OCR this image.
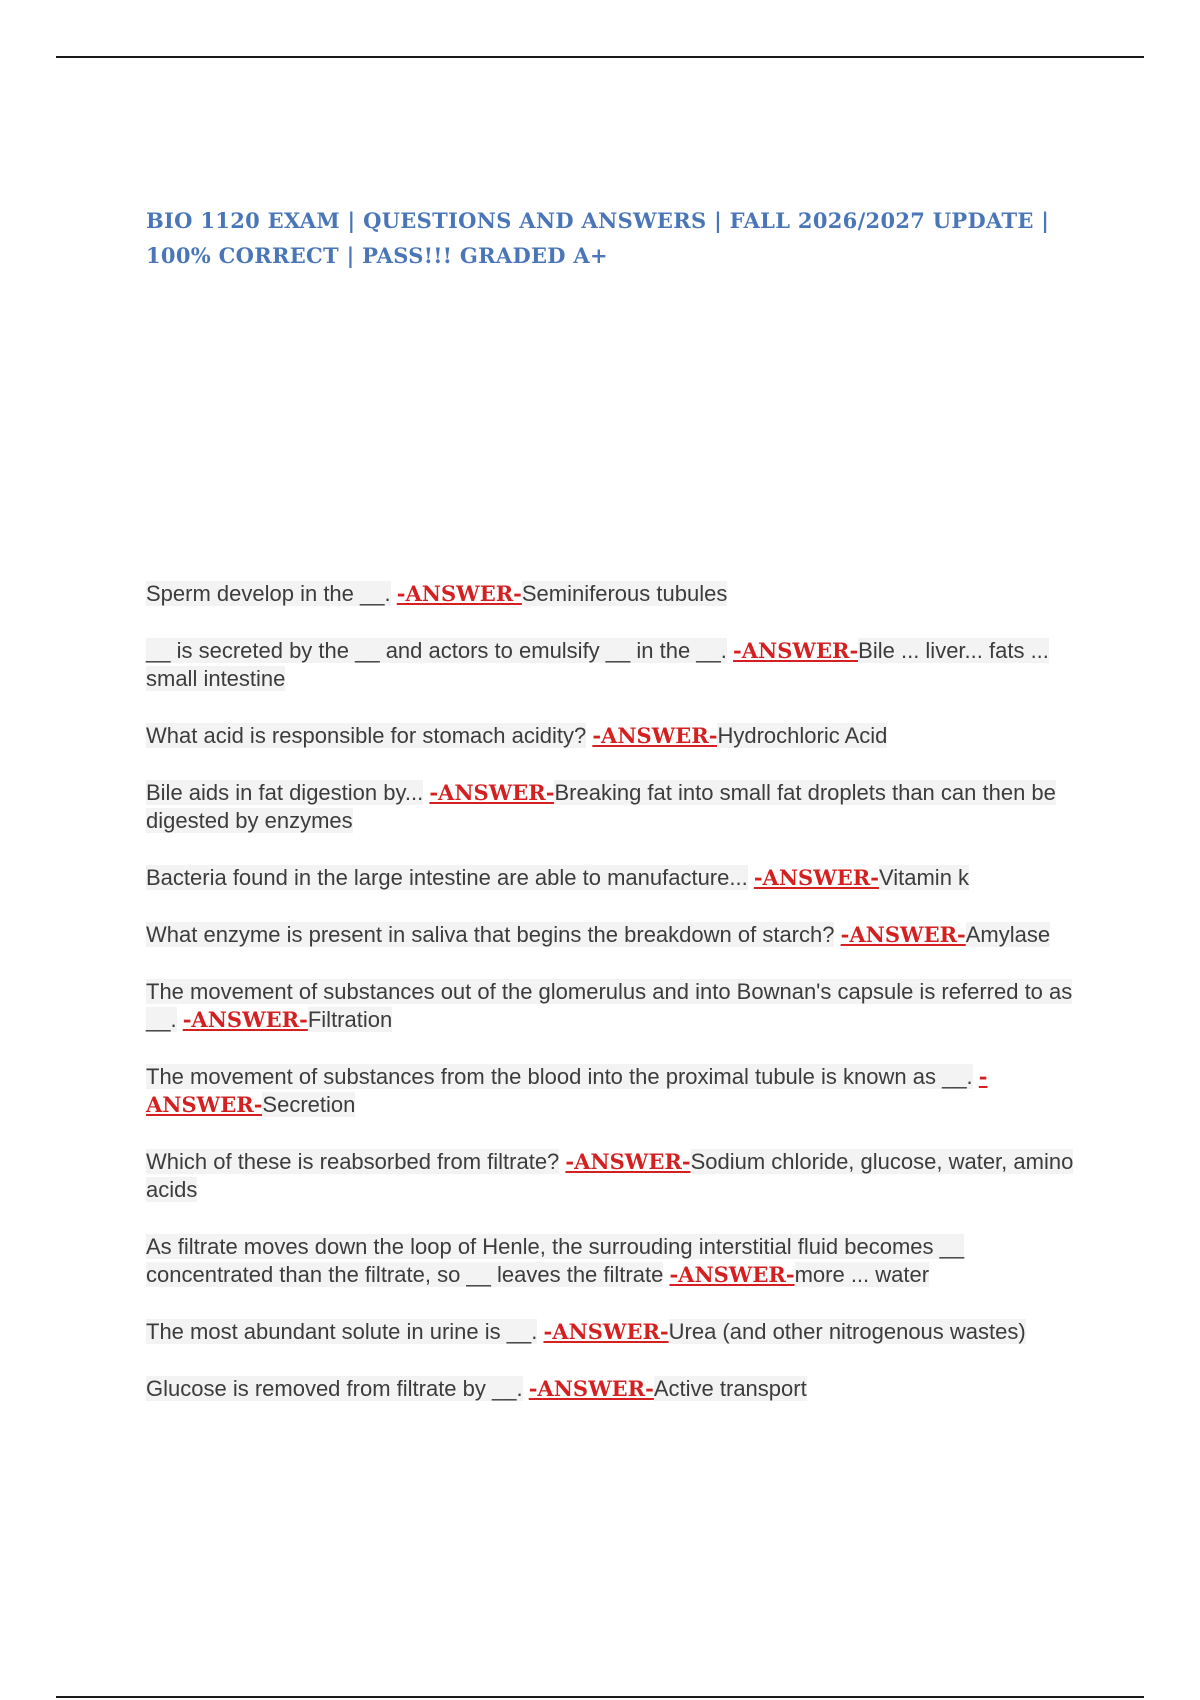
BIO 1120 EXAM | QUESTIONS AND ANSWERS | FALL 2026/2027 UPDATE | 100% CORRECT | PASS!!! GRADED A+
Sperm develop in the __. -ANSWER-Seminiferous tubules
__ is secreted by the __ and actors to emulsify __ in the __. -ANSWER-Bile ... liver... fats ... small intestine
What acid is responsible for stomach acidity? -ANSWER-Hydrochloric Acid
Bile aids in fat digestion by... -ANSWER-Breaking fat into small fat droplets than can then be digested by enzymes
Bacteria found in the large intestine are able to manufacture... -ANSWER-Vitamin k
What enzyme is present in saliva that begins the breakdown of starch? -ANSWER-Amylase
The movement of substances out of the glomerulus and into Bownan's capsule is referred to as __. -ANSWER-Filtration
The movement of substances from the blood into the proximal tubule is known as __. -ANSWER-Secretion
Which of these is reabsorbed from filtrate? -ANSWER-Sodium chloride, glucose, water, amino acids
As filtrate moves down the loop of Henle, the surrouding interstitial fluid becomes __ concentrated than the filtrate, so __ leaves the filtrate -ANSWER-more ... water
The most abundant solute in urine is __. -ANSWER-Urea (and other nitrogenous wastes)
Glucose is removed from filtrate by __. -ANSWER-Active transport
